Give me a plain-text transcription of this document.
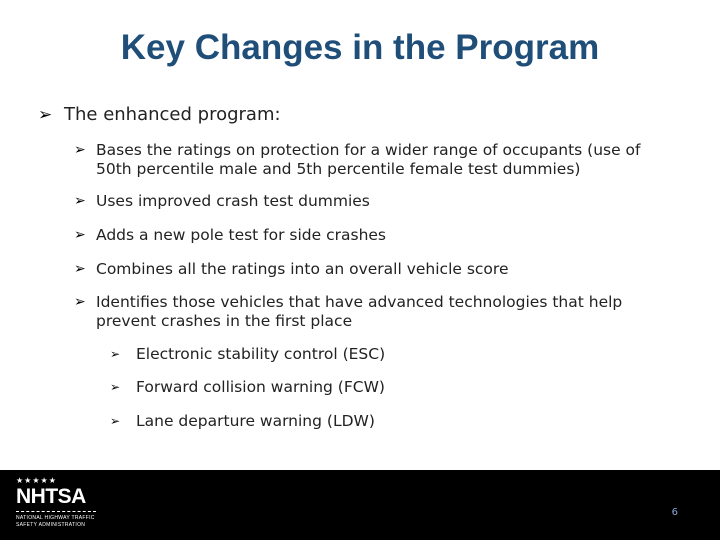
Key Changes in the Program
➢ The enhanced program:
➢ Bases the ratings on protection for a wider range of occupants (use of
50th percentile male and 5th percentile female test dummies)
➢ Uses improved crash test dummies
➢ Adds a new pole test for side crashes
➢ Combines all the ratings into an overall vehicle score
➢ Identifies those vehicles that have advanced technologies that help
prevent crashes in the first place
➢	Electronic stability control (ESC)
➢	Forward collision warning (FCW)
➢	Lane departure warning (LDW)
★★★★★
NHTSA
NATIONAL HIGHWAY TRAFFIC
SAFETY ADMINISTRATION
6
